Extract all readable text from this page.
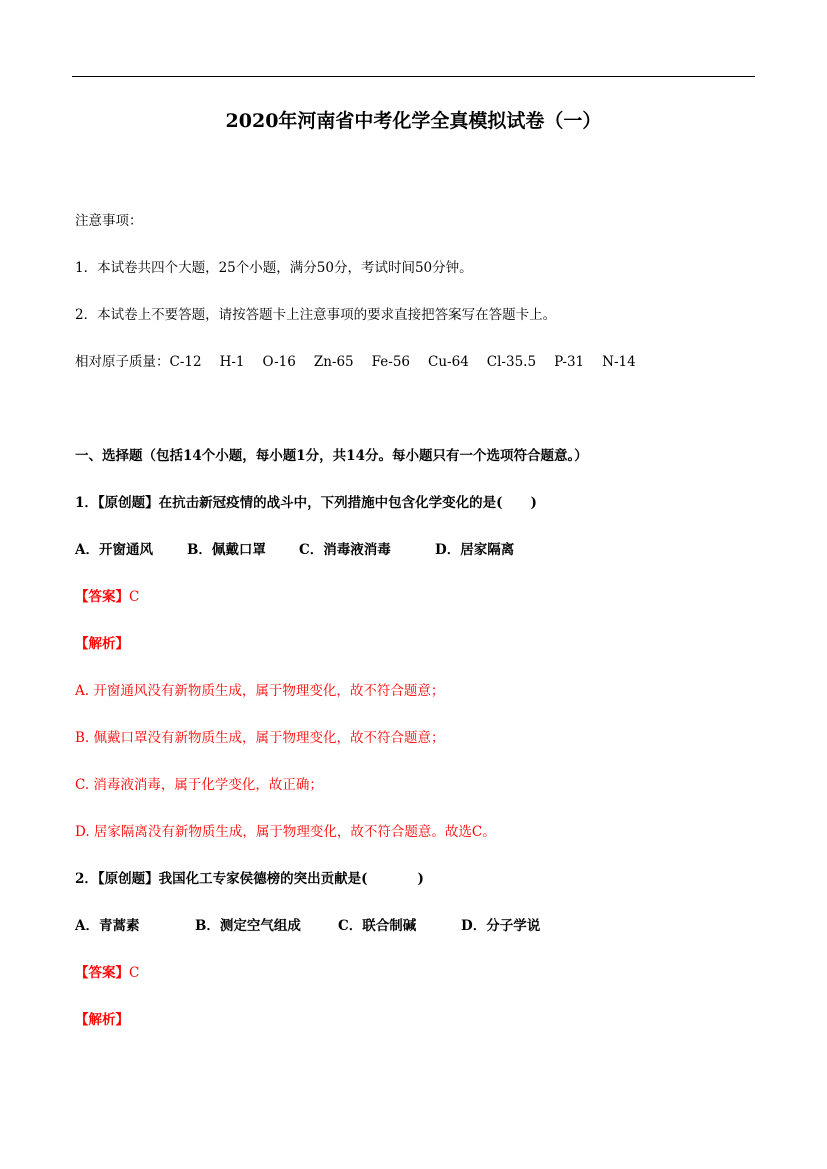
2020年河南省中考化学全真模拟试卷（一）
注意事项：
1．本试卷共四个大题，25个小题，满分50分，考试时间50分钟。
2．本试卷上不要答题，请按答题卡上注意事项的要求直接把答案写在答题卡上。
相对原子质量：C-12 H-1 O-16 Zn-65 Fe-56 Cu-64 Cl-35.5 P-31 N-14
一、选择题（包括14个小题，每小题1分，共14分。每小题只有一个选项符合题意。）
1．【原创题】在抗击新冠疫情的战斗中，下列措施中包含化学变化的是( )
A．开窗通风	B．佩戴口罩 C．消毒液消毒	D．居家隔离
【答案】C
【解析】
A. 开窗通风没有新物质生成，属于物理变化，故不符合题意；
B. 佩戴口罩没有新物质生成，属于物理变化，故不符合题意；
C. 消毒液消毒，属于化学变化，故正确；
D. 居家隔离没有新物质生成，属于物理变化，故不符合题意。故选C。
2．【原创题】我国化工专家侯德榜的突出贡献是(	)
A．青蒿素	B．测定空气组成	C．联合制碱	D．分子学说
【答案】C
【解析】
